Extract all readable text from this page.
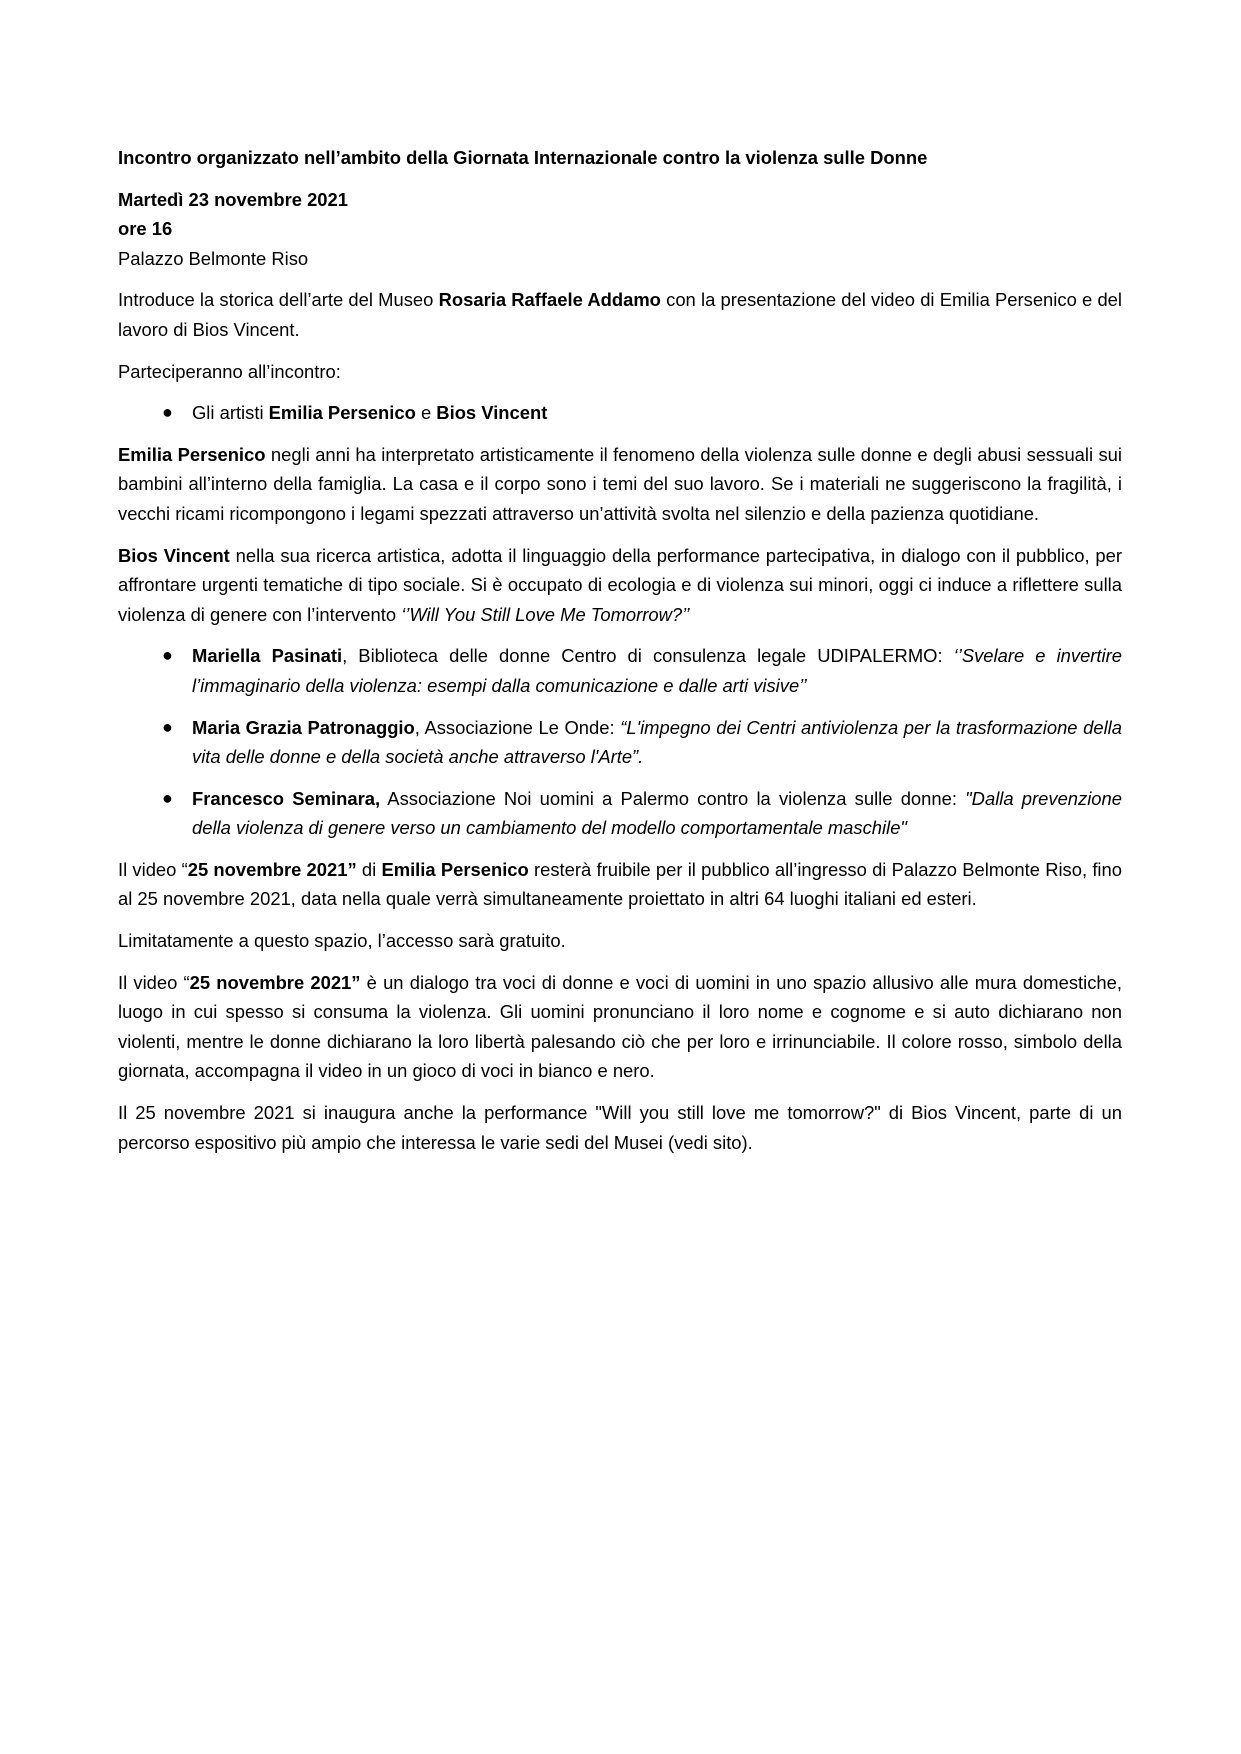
Incontro organizzato nell’ambito della Giornata Internazionale contro la violenza sulle Donne

Martedì 23 novembre 2021

ore 16

Palazzo Belmonte Riso

Introduce la storica dell’arte del Museo Rosaria Raffaele Addamo con la presentazione del video di Emilia Persenico e del lavoro di Bios Vincent.

Parteciperanno all’incontro:

● Gli artisti Emilia Persenico e Bios Vincent

Emilia Persenico negli anni ha interpretato artisticamente il fenomeno della violenza sulle donne e degli abusi sessuali sui bambini all’interno della famiglia. La casa e il corpo sono i temi del suo lavoro. Se i materiali ne suggeriscono la fragilità, i vecchi ricami ricompongono i legami spezzati attraverso un’attività svolta nel silenzio e della pazienza quotidiane.

Bios Vincent nella sua ricerca artistica, adotta il linguaggio della performance partecipativa, in dialogo con il pubblico, per affrontare urgenti tematiche di tipo sociale. Si è occupato di ecologia e di violenza sui minori, oggi ci induce a riflettere sulla violenza di genere con l’intervento ‘’Will You Still Love Me Tomorrow?’’

● Mariella Pasinati, Biblioteca delle donne Centro di consulenza legale UDIPALERMO: ‘’Svelare e invertire l’immaginario della violenza: esempi dalla comunicazione e dalle arti visive’’
● Maria Grazia Patronaggio, Associazione Le Onde: “L'impegno dei Centri antiviolenza per la trasformazione della vita delle donne e della società anche attraverso l'Arte”.
● Francesco Seminara, Associazione Noi uomini a Palermo contro la violenza sulle donne: "Dalla prevenzione della violenza di genere verso un cambiamento del modello comportamentale maschile"

Il video “25 novembre 2021” di Emilia Persenico resterà fruibile per il pubblico all’ingresso di Palazzo Belmonte Riso, fino al 25 novembre 2021, data nella quale verrà simultaneamente proiettato in altri 64 luoghi italiani ed esteri.

Limitatamente a questo spazio, l’accesso sarà gratuito.

Il video “25 novembre 2021” è un dialogo tra voci di donne e voci di uomini in uno spazio allusivo alle mura domestiche, luogo in cui spesso si consuma la violenza. Gli uomini pronunciano il loro nome e cognome e si auto dichiarano non violenti, mentre le donne dichiarano la loro libertà palesando ciò che per loro e irrinunciabile. Il colore rosso, simbolo della giornata, accompagna il video in un gioco di voci in bianco e nero.

Il 25 novembre 2021 si inaugura anche la performance "Will you still love me tomorrow?" di Bios Vincent, parte di un percorso espositivo più ampio che interessa le varie sedi del Musei (vedi sito).
